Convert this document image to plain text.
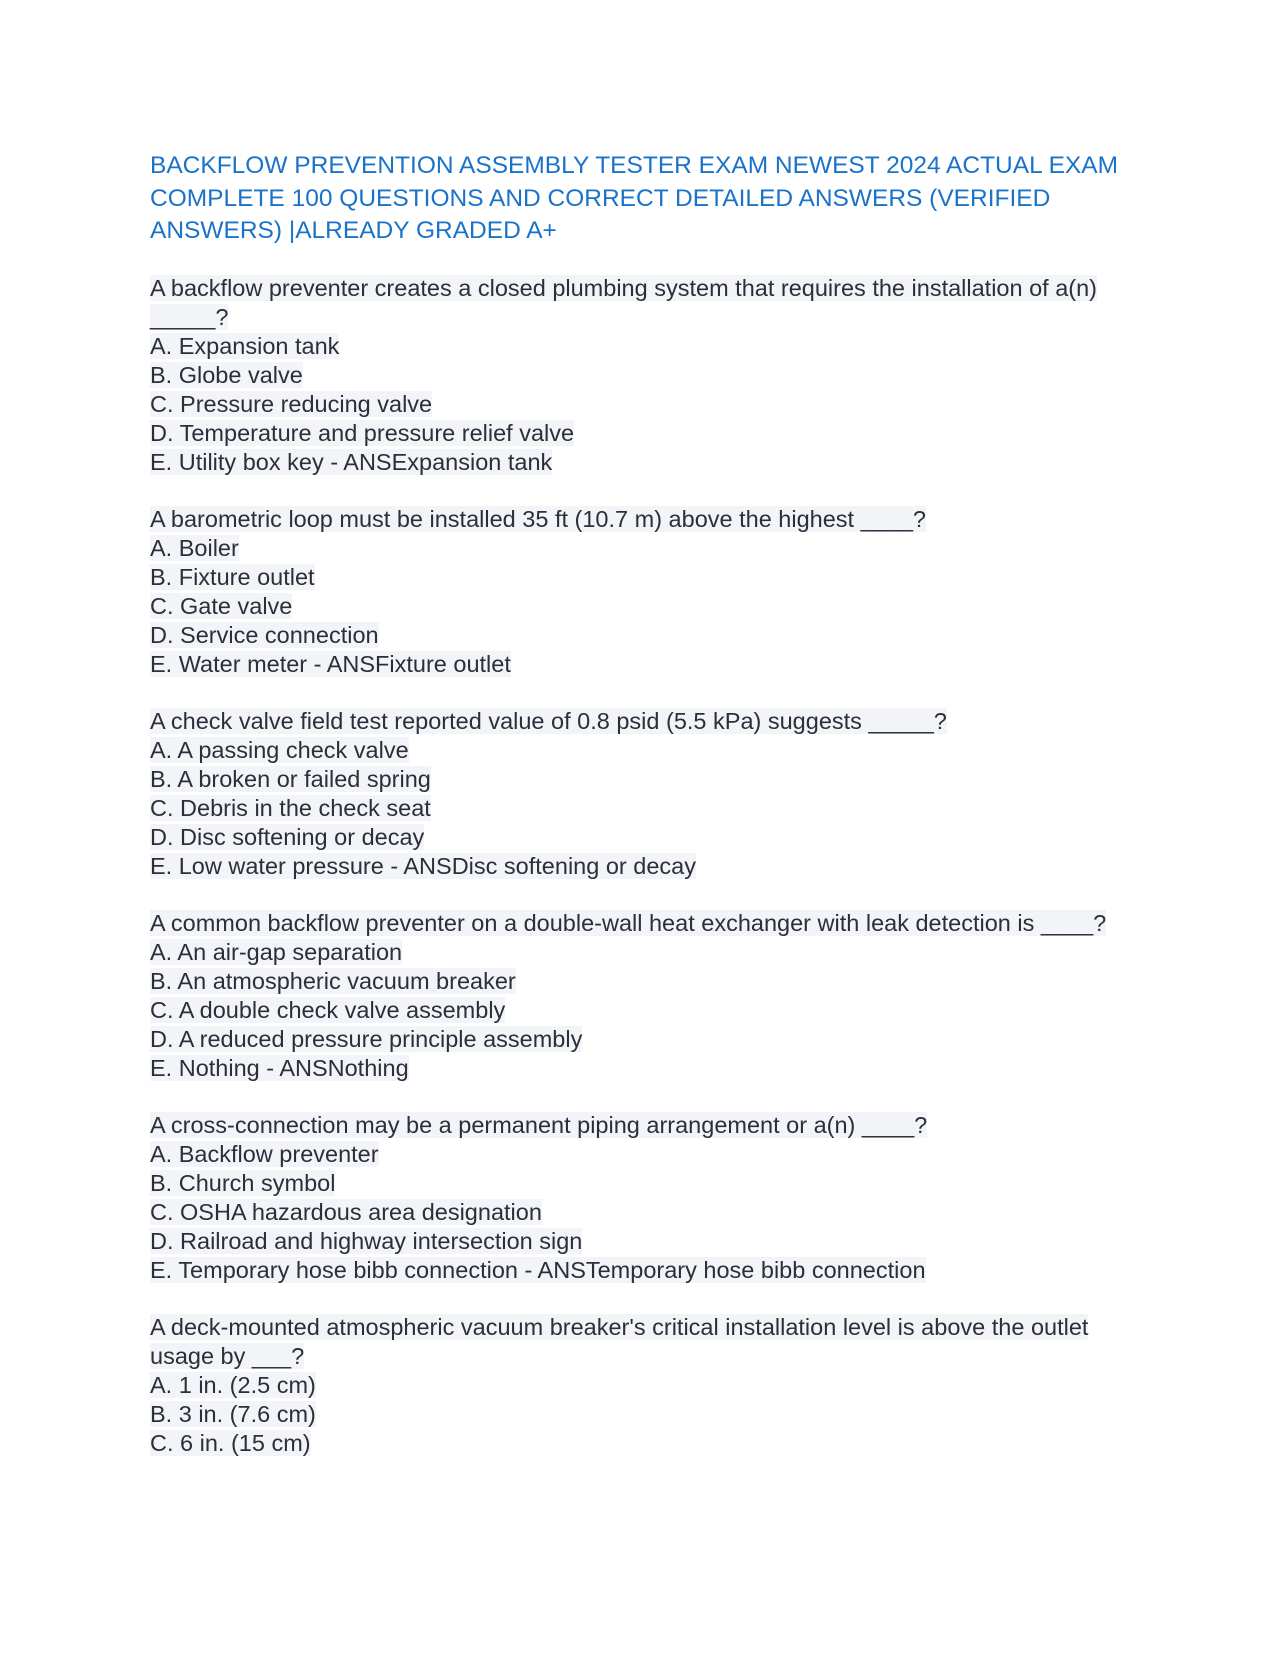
BACKFLOW PREVENTION ASSEMBLY TESTER EXAM NEWEST 2024 ACTUAL EXAM COMPLETE 100 QUESTIONS AND CORRECT DETAILED ANSWERS (VERIFIED ANSWERS) |ALREADY GRADED A+
A backflow preventer creates a closed plumbing system that requires the installation of a(n) _____?
A. Expansion tank
B. Globe valve
C. Pressure reducing valve
D. Temperature and pressure relief valve
E. Utility box key - ANSExpansion tank
A barometric loop must be installed 35 ft (10.7 m) above the highest ____?
A. Boiler
B. Fixture outlet
C. Gate valve
D. Service connection
E. Water meter - ANSFixture outlet
A check valve field test reported value of 0.8 psid (5.5 kPa) suggests _____?
A. A passing check valve
B. A broken or failed spring
C. Debris in the check seat
D. Disc softening or decay
E. Low water pressure - ANSDisc softening or decay
A common backflow preventer on a double-wall heat exchanger with leak detection is ____?
A. An air-gap separation
B. An atmospheric vacuum breaker
C. A double check valve assembly
D. A reduced pressure principle assembly
E. Nothing - ANSNothing
A cross-connection may be a permanent piping arrangement or a(n) ____?
A. Backflow preventer
B. Church symbol
C. OSHA hazardous area designation
D. Railroad and highway intersection sign
E. Temporary hose bibb connection - ANSTemporary hose bibb connection
A deck-mounted atmospheric vacuum breaker's critical installation level is above the outlet usage by ___?
A. 1 in. (2.5 cm)
B. 3 in. (7.6 cm)
C. 6 in. (15 cm)
